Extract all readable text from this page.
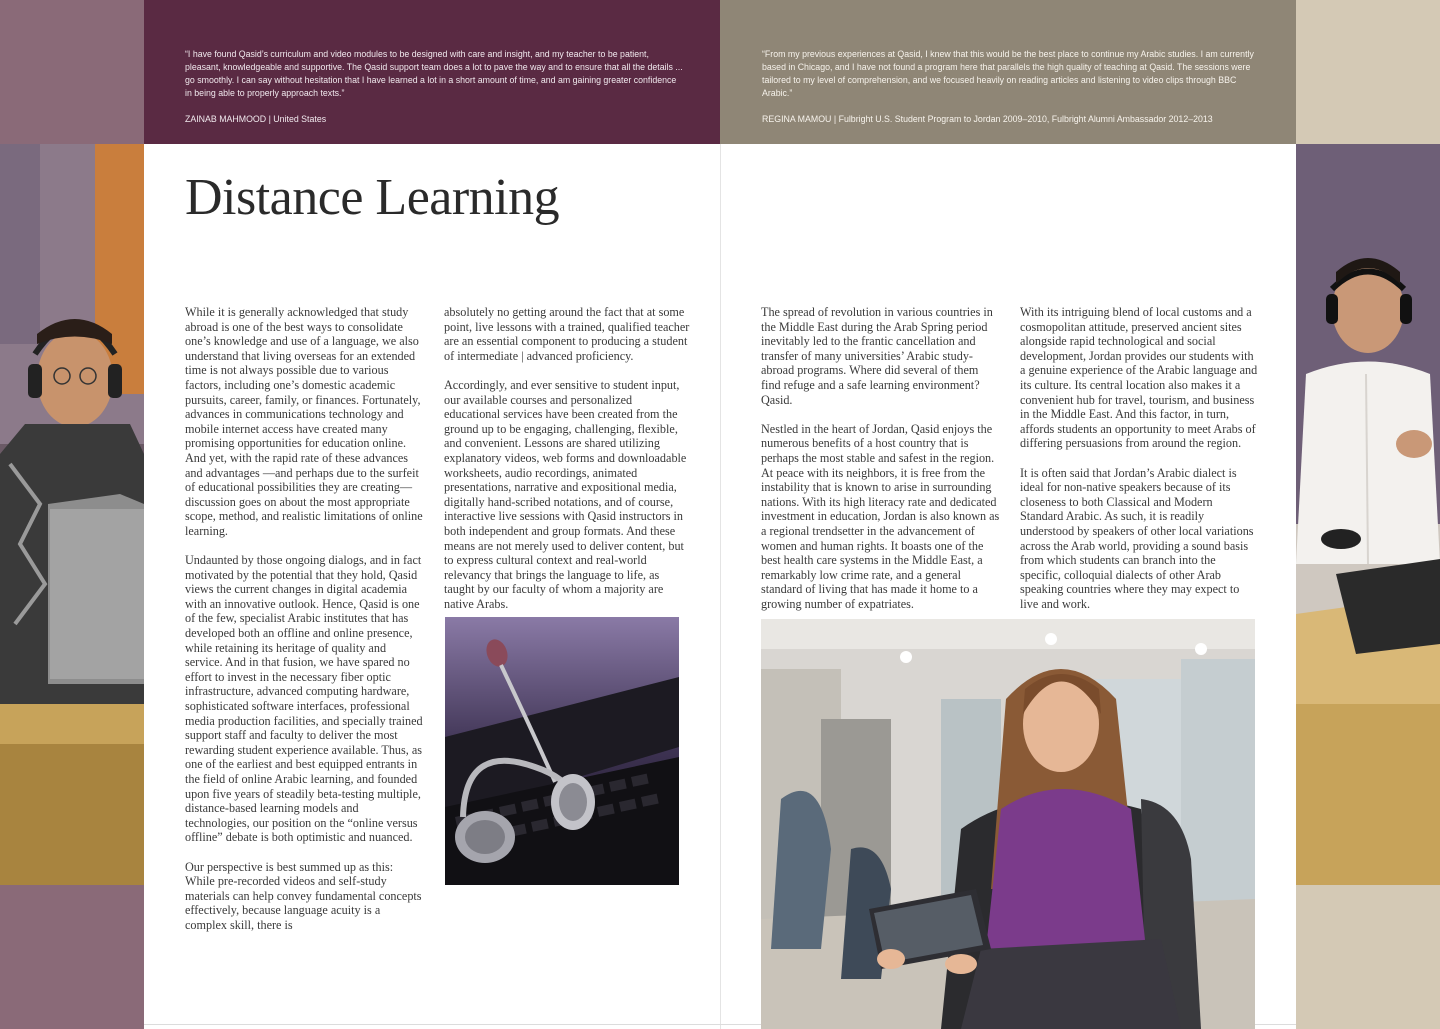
“I have found Qasid’s curriculum and video modules to be designed with care and insight, and my teacher to be patient, pleasant, knowledgeable and supportive. The Qasid support team does a lot to pave the way and to ensure that all the details ... go smoothly. I can say without hesitation that I have learned a lot in a short amount of time, and am gaining greater confidence in being able to properly approach texts.”
ZAINAB MAHMOOD | United States
“From my previous experiences at Qasid, I knew that this would be the best place to continue my Arabic studies. I am currently based in Chicago, and I have not found a program here that parallels the high quality of teaching at Qasid. The sessions were tailored to my level of comprehension, and we focused heavily on reading articles and listening to video clips through BBC Arabic.”
REGINA MAMOU | Fulbright U.S. Student Program to Jordan 2009–2010, Fulbright Alumni Ambassador 2012–2013
Distance Learning

While it is generally acknowledged that study abroad is one of the best ways to consolidate one’s knowledge and use of a language, we also understand that living overseas for an extended time is not always possible due to various factors, including one’s domestic academic pursuits, career, family, or finances. Fortunately, advances in communications technology and mobile internet access have created many promising opportunities for education online. And yet, with the rapid rate of these advances and advantages —and perhaps due to the surfeit of educational possibilities they are creating—discussion goes on about the most appropriate scope, method, and realistic limitations of online learning.

Undaunted by those ongoing dialogs, and in fact motivated by the potential that they hold, Qasid views the current changes in digital academia with an innovative outlook. Hence, Qasid is one of the few, specialist Arabic institutes that has developed both an offline and online presence, while retaining its heritage of quality and service. And in that fusion, we have spared no effort to invest in the necessary fiber optic infrastructure, advanced computing hardware, sophisticated software interfaces, professional media production facilities, and specially trained support staff and faculty to deliver the most rewarding student experience available. Thus, as one of the earliest and best equipped entrants in the field of online Arabic learning, and founded upon five years of steadily beta-testing multiple, distance-based learning models and technologies, our position on the “online versus offline” debate is both optimistic and nuanced.

Our perspective is best summed up as this: While pre-recorded videos and self-study materials can help convey fundamental concepts effectively, because language acuity is a complex skill, there is

absolutely no getting around the fact that at some point, live lessons with a trained, qualified teacher are an essential component to producing a student of intermediate | advanced proficiency.

Accordingly, and ever sensitive to student input, our available courses and personalized educational services have been created from the ground up to be engaging, challenging, flexible, and convenient. Lessons are shared utilizing explanatory videos, web forms and downloadable worksheets, audio recordings, animated presentations, narrative and expositional media, digitally hand-scribed notations, and of course, interactive live sessions with Qasid instructors in both independent and group formats. And these means are not merely used to deliver content, but to express cultural context and real-world relevancy that brings the language to life, as taught by our faculty of whom a majority are native Arabs.

The spread of revolution in various countries in the Middle East during the Arab Spring period inevitably led to the frantic cancellation and transfer of many universities’ Arabic study-abroad programs. Where did several of them find refuge and a safe learning environment? Qasid.

Nestled in the heart of Jordan, Qasid enjoys the numerous benefits of a host country that is perhaps the most stable and safest in the region. At peace with its neighbors, it is free from the instability that is known to arise in surrounding nations. With its high literacy rate and dedicated investment in education, Jordan is also known as a regional trendsetter in the advancement of women and human rights. It boasts one of the best health care systems in the Middle East, a remarkably low crime rate, and a general standard of living that has made it home to a growing number of expatriates.

With its intriguing blend of local customs and a cosmopolitan attitude, preserved ancient sites alongside rapid technological and social development, Jordan provides our students with a genuine experience of the Arabic language and its culture. Its central location also makes it a convenient hub for travel, tourism, and business in the Middle East. And this factor, in turn, affords students an opportunity to meet Arabs of differing persuasions from around the region.

It is often said that Jordan’s Arabic dialect is ideal for non-native speakers because of its closeness to both Classical and Modern Standard Arabic. As such, it is readily understood by speakers of other local variations across the Arab world, providing a sound basis from which students can branch into the specific, colloquial dialects of other Arab speaking countries where they may expect to live and work.
